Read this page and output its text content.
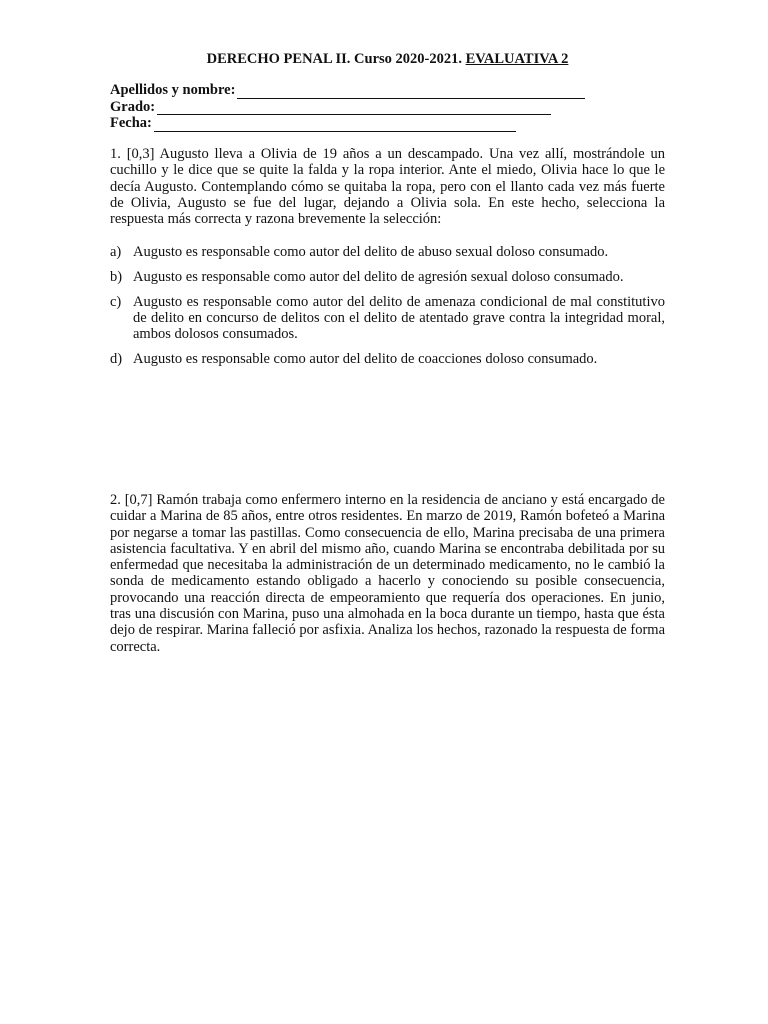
DERECHO PENAL II. Curso 2020-2021. EVALUATIVA 2
Apellidos y nombre:
Grado:
Fecha:
1. [0,3] Augusto lleva a Olivia de 19 años a un descampado. Una vez allí, mostrándole un cuchillo y le dice que se quite la falda y la ropa interior. Ante el miedo, Olivia hace lo que le decía Augusto. Contemplando cómo se quitaba la ropa, pero con el llanto cada vez más fuerte de Olivia, Augusto se fue del lugar, dejando a Olivia sola. En este hecho, selecciona la respuesta más correcta y razona brevemente la selección:
a) Augusto es responsable como autor del delito de abuso sexual doloso consumado.
b) Augusto es responsable como autor del delito de agresión sexual doloso consumado.
c) Augusto es responsable como autor del delito de amenaza condicional de mal constitutivo de delito en concurso de delitos con el delito de atentado grave contra la integridad moral, ambos dolosos consumados.
d) Augusto es responsable como autor del delito de coacciones doloso consumado.
2. [0,7] Ramón trabaja como enfermero interno en la residencia de anciano y está encargado de cuidar a Marina de 85 años, entre otros residentes. En marzo de 2019, Ramón bofeteó a Marina por negarse a tomar las pastillas. Como consecuencia de ello, Marina precisaba de una primera asistencia facultativa. Y en abril del mismo año, cuando Marina se encontraba debilitada por su enfermedad que necesitaba la administración de un determinado medicamento, no le cambió la sonda de medicamento estando obligado a hacerlo y conociendo su posible consecuencia, provocando una reacción directa de empeoramiento que requería dos operaciones. En junio, tras una discusión con Marina, puso una almohada en la boca durante un tiempo, hasta que ésta dejo de respirar. Marina falleció por asfixia. Analiza los hechos, razonado la respuesta de forma correcta.
